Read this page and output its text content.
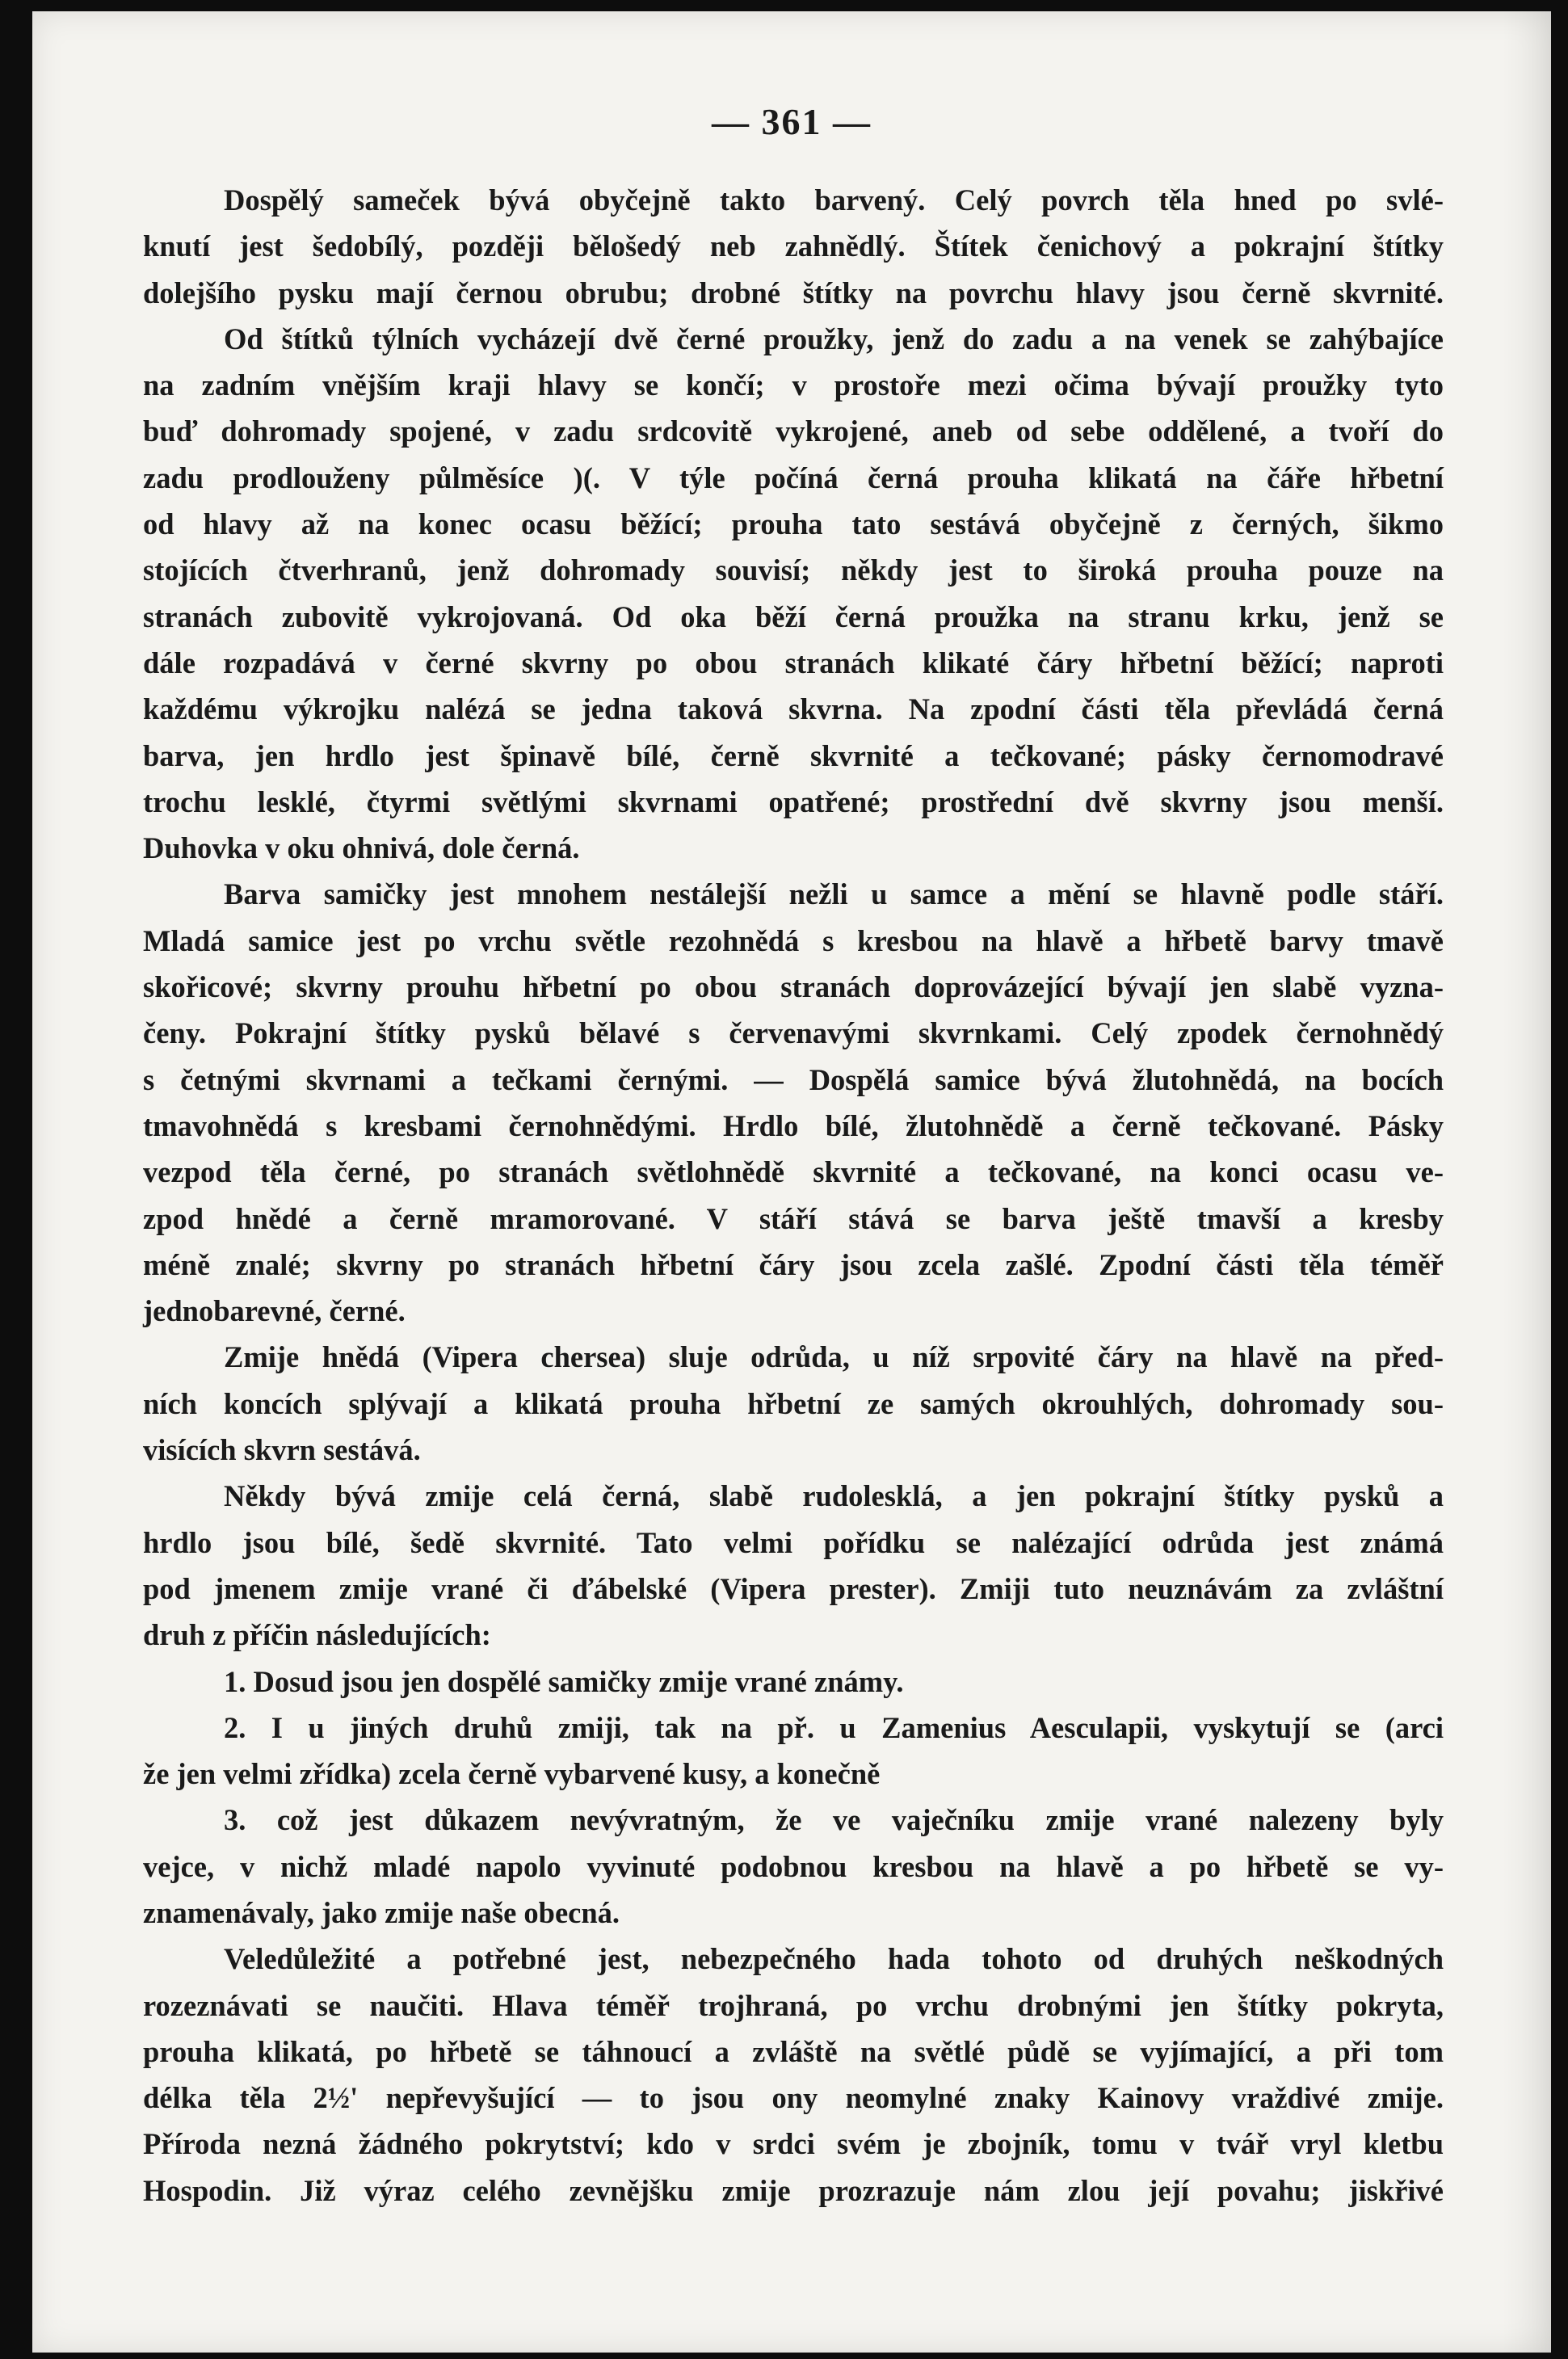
— 361 —
Dospělý sameček bývá obyčejně takto barvený. Celý povrch těla hned po svlé-
knutí jest šedobílý, později bělošedý neb zahnědlý. Štítek čenichový a pokrajní štítky
dolejšího pysku mají černou obrubu; drobné štítky na povrchu hlavy jsou černě skvrnité.
Od štítků týlních vycházejí dvě černé proužky, jenž do zadu a na venek se zahýbajíce
na zadním vnějším kraji hlavy se končí; v prostoře mezi očima bývají proužky tyto
buď dohromady spojené, v zadu srdcovitě vykrojené, aneb od sebe oddělené, a tvoří do
zadu prodlouženy půlměsíce )(. V týle počíná černá prouha klikatá na čáře hřbetní
od hlavy až na konec ocasu běžící; prouha tato sestává obyčejně z černých, šikmo
stojících čtverhranů, jenž dohromady souvisí; někdy jest to široká prouha pouze na
stranách zubovitě vykrojovaná. Od oka běží černá proužka na stranu krku, jenž se
dále rozpadává v černé skvrny po obou stranách klikaté čáry hřbetní běžící; naproti
každému výkrojku nalézá se jedna taková skvrna. Na zpodní části těla převládá černá
barva, jen hrdlo jest špinavě bílé, černě skvrnité a tečkované; pásky černomodravé
trochu lesklé, čtyrmi světlými skvrnami opatřené; prostřední dvě skvrny jsou menší.
Duhovka v oku ohnivá, dole černá.
Barva samičky jest mnohem nestálejší nežli u samce a mění se hlavně podle stáří.
Mladá samice jest po vrchu světle rezohnědá s kresbou na hlavě a hřbetě barvy tmavě
skořicové; skvrny prouhu hřbetní po obou stranách doprovázející bývají jen slabě vyzna-
čeny. Pokrajní štítky pysků bělavé s červenavými skvrnkami. Celý zpodek černohnědý
s četnými skvrnami a tečkami černými. — Dospělá samice bývá žlutohnědá, na bocích
tmavohnědá s kresbami černohnědými. Hrdlo bílé, žlutohnědě a černě tečkované. Pásky
vezpod těla černé, po stranách světlohnědě skvrnité a tečkované, na konci ocasu ve-
zpod hnědé a černě mramorované. V stáří stává se barva ještě tmavší a kresby
méně znalé; skvrny po stranách hřbetní čáry jsou zcela zašlé. Zpodní části těla téměř
jednobarevné, černé.
Zmije hnědá (Vipera chersea) sluje odrůda, u níž srpovité čáry na hlavě na před-
ních koncích splývají a klikatá prouha hřbetní ze samých okrouhlých, dohromady sou-
visících skvrn sestává.
Někdy bývá zmije celá černá, slabě rudolesklá, a jen pokrajní štítky pysků a
hrdlo jsou bílé, šedě skvrnité. Tato velmi pořídku se nalézající odrůda jest známá
pod jmenem zmije vrané či ďábelské (Vipera prester). Zmiji tuto neuznávám za zvláštní
druh z příčin následujících:
1. Dosud jsou jen dospělé samičky zmije vrané známy.
2. I u jiných druhů zmiji, tak na př. u Zamenius Aesculapii, vyskytují se (arci
že jen velmi zřídka) zcela černě vybarvené kusy, a konečně
3. což jest důkazem nevývratným, že ve vaječníku zmije vrané nalezeny byly
vejce, v nichž mladé napolo vyvinuté podobnou kresbou na hlavě a po hřbetě se vy-
znamenávaly, jako zmije naše obecná.
Veledůležité a potřebné jest, nebezpečného hada tohoto od druhých neškodných
rozeznávati se naučiti. Hlava téměř trojhraná, po vrchu drobnými jen štítky pokryta,
prouha klikatá, po hřbetě se táhnoucí a zvláště na světlé půdě se vyjímající, a při tom
délka těla 2½' nepřevyšující — to jsou ony neomylné znaky Kainovy vraždivé zmije.
Příroda nezná žádného pokrytství; kdo v srdci svém je zbojník, tomu v tvář vryl kletbu
Hospodin. Již výraz celého zevnějšku zmije prozrazuje nám zlou její povahu; jiskřivé
